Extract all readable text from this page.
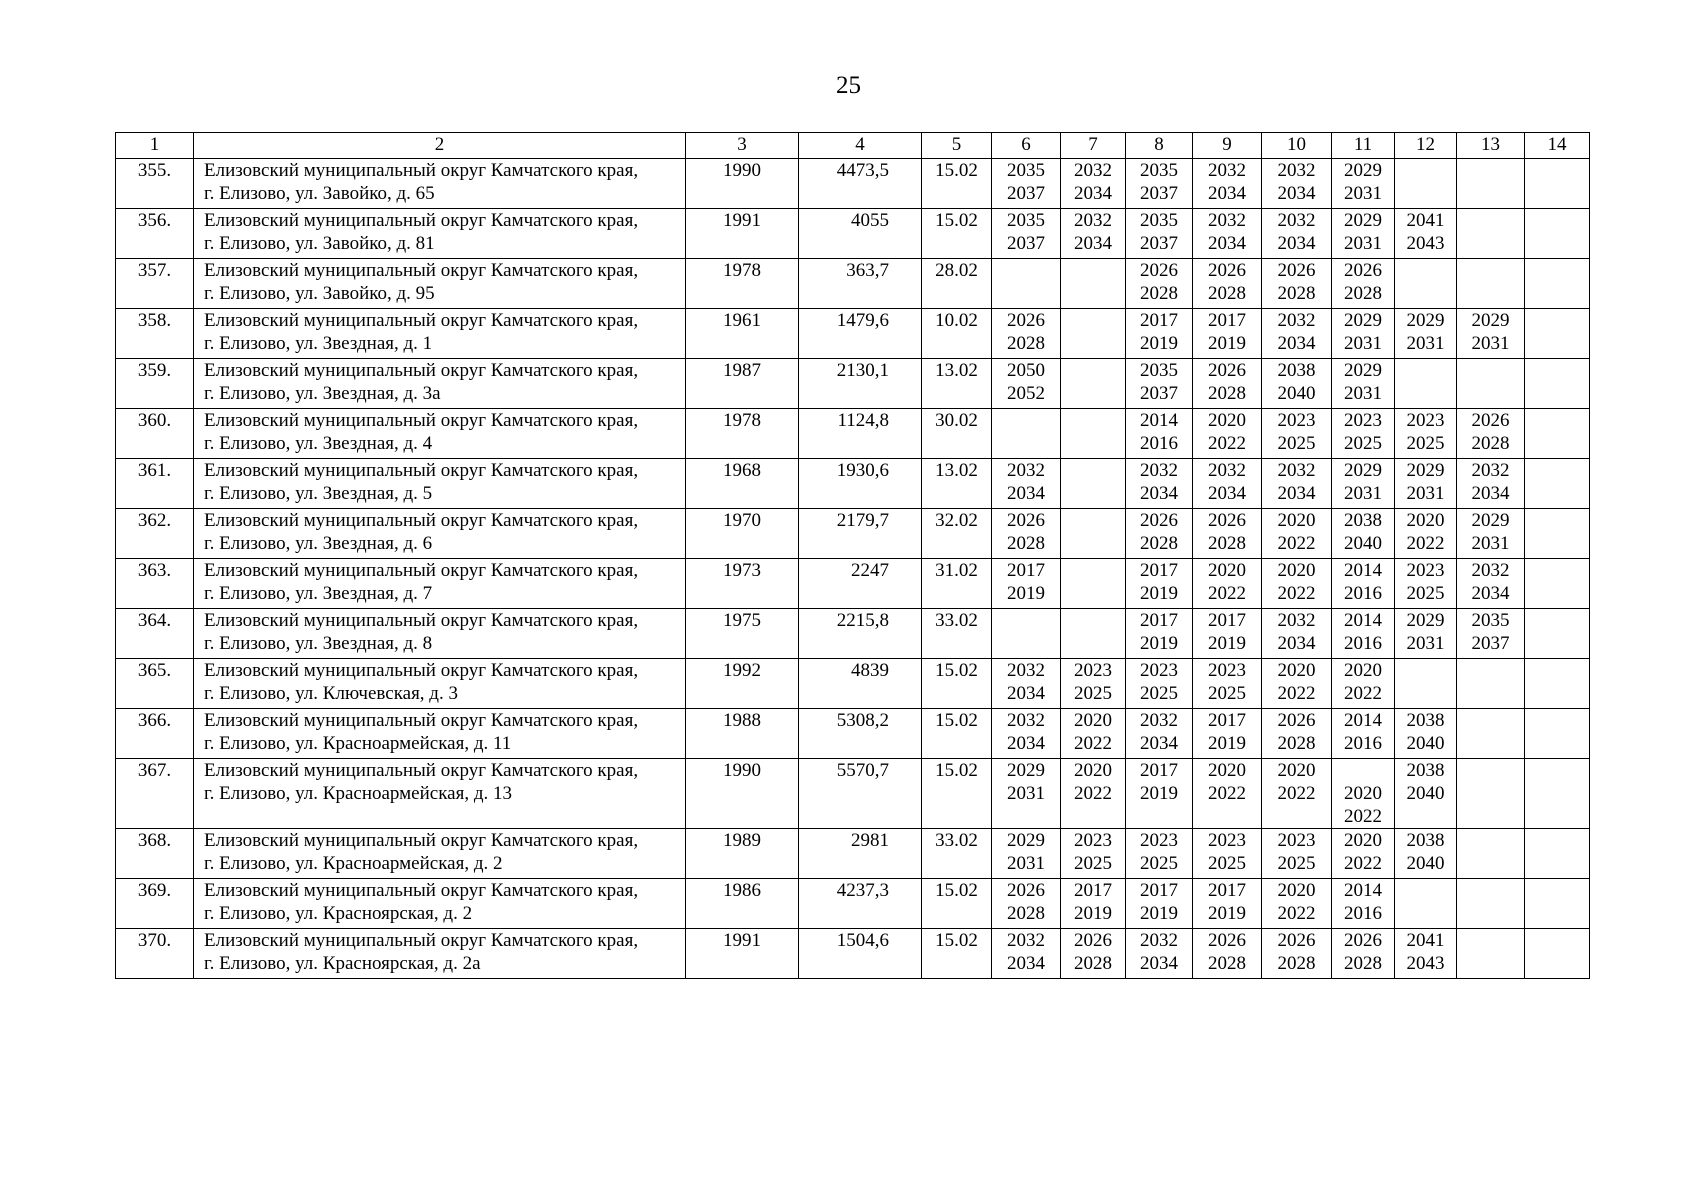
25
1	2	3	4	5	6	7	8	9	10	11	12	13	14
355.	Елизовский муниципальный округ Камчатского края,
г. Елизово, ул. Завойко, д. 65	1990	4473,5	15.02	2035 2037	2032 2034	2035 2037	2032 2034	2032 2034	2029 2031			

356.	Елизовский муниципальный округ Камчатского края,
г. Елизово, ул. Завойко, д. 81	1991	4055	15.02	2035 2037	2032 2034	2035 2037	2032 2034	2032 2034	2029 2031	2041 2043		

357.	Елизовский муниципальный округ Камчатского края,
г. Елизово, ул. Завойко, д. 95	1978	363,7	28.02			2026 2028	2026 2028	2026 2028	2026 2028			

358.	Елизовский муниципальный округ Камчатского края,
г. Елизово, ул. Звездная, д. 1	1961	1479,6	10.02	2026 2028		2017 2019	2017 2019	2032 2034	2029 2031	2029 2031	2029 2031	

359.	Елизовский муниципальный округ Камчатского края,
г. Елизово, ул. Звездная, д. 3а	1987	2130,1	13.02	2050 2052		2035 2037	2026 2028	2038 2040	2029 2031			

360.	Елизовский муниципальный округ Камчатского края,
г. Елизово, ул. Звездная, д. 4	1978	1124,8	30.02			2014 2016	2020 2022	2023 2025	2023 2025	2023 2025	2026 2028	

361.	Елизовский муниципальный округ Камчатского края,
г. Елизово, ул. Звездная, д. 5	1968	1930,6	13.02	2032 2034		2032 2034	2032 2034	2032 2034	2029 2031	2029 2031	2032 2034	

362.	Елизовский муниципальный округ Камчатского края,
г. Елизово, ул. Звездная, д. 6	1970	2179,7	32.02	2026 2028		2026 2028	2026 2028	2020 2022	2038 2040	2020 2022	2029 2031	

363.	Елизовский муниципальный округ Камчатского края,
г. Елизово, ул. Звездная, д. 7	1973	2247	31.02	2017 2019		2017 2019	2020 2022	2020 2022	2014 2016	2023 2025	2032 2034	

364.	Елизовский муниципальный округ Камчатского края,
г. Елизово, ул. Звездная, д. 8	1975	2215,8	33.02			2017 2019	2017 2019	2032 2034	2014 2016	2029 2031	2035 2037	

365.	Елизовский муниципальный округ Камчатского края,
г. Елизово, ул. Ключевская, д. 3	1992	4839	15.02	2032 2034	2023 2025	2023 2025	2023 2025	2020 2022	2020 2022			

366.	Елизовский муниципальный округ Камчатского края,
г. Елизово, ул. Красноармейская, д. 11	1988	5308,2	15.02	2032 2034	2020 2022	2032 2034	2017 2019	2026 2028	2014 2016	2038 2040		

367.	Елизовский муниципальный округ Камчатского края,
г. Елизово, ул. Красноармейская, д. 13	1990	5570,7	15.02	2029 2031	2020 2022	2017 2019	2020 2022	2020 2022	2020 2022	2038 2040		

368.	Елизовский муниципальный округ Камчатского края,
г. Елизово, ул. Красноармейская, д. 2	1989	2981	33.02	2029 2031	2023 2025	2023 2025	2023 2025	2023 2025	2020 2022	2038 2040		

369.	Елизовский муниципальный округ Камчатского края,
г. Елизово, ул. Красноярская, д. 2	1986	4237,3	15.02	2026 2028	2017 2019	2017 2019	2017 2019	2020 2022	2014 2016			

370.	Елизовский муниципальный округ Камчатского края,
г. Елизово, ул. Красноярская, д. 2а	1991	1504,6	15.02	2032 2034	2026 2028	2032 2034	2026 2028	2026 2028	2026 2028	2041 2043		
